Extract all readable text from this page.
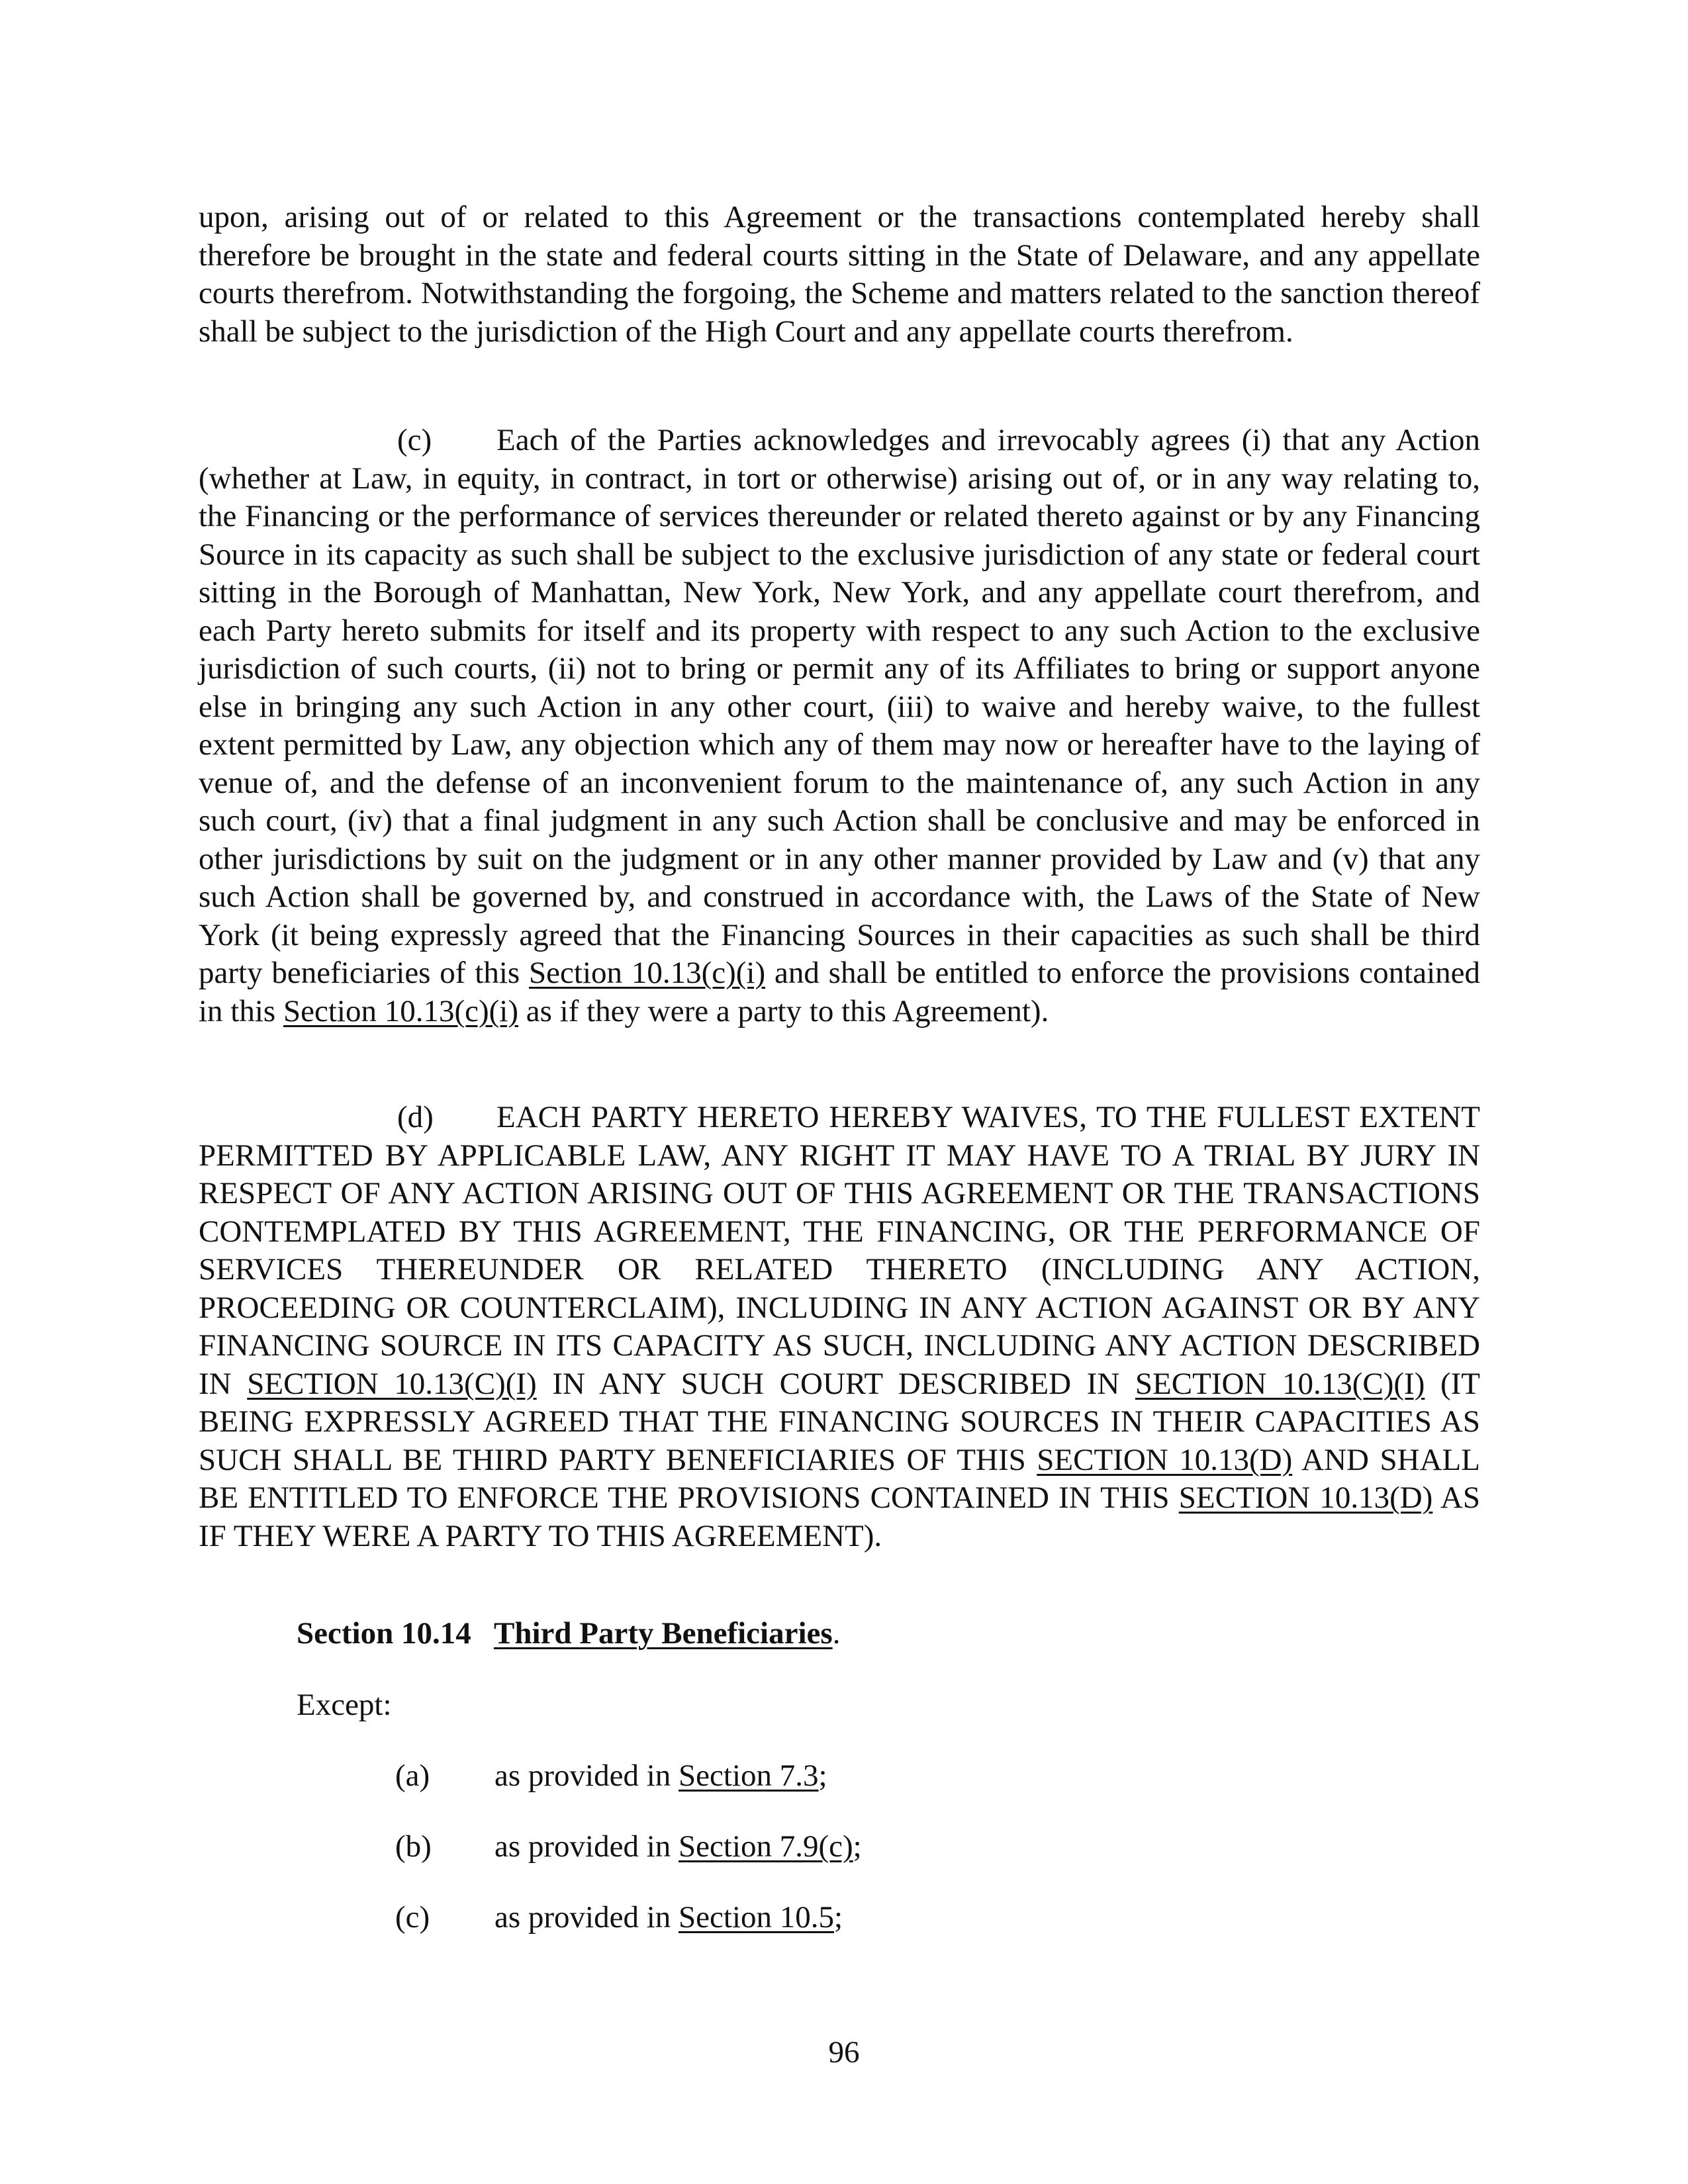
upon, arising out of or related to this Agreement or the transactions contemplated hereby shall therefore be brought in the state and federal courts sitting in the State of Delaware, and any appellate courts therefrom. Notwithstanding the forgoing, the Scheme and matters related to the sanction thereof shall be subject to the jurisdiction of the High Court and any appellate courts therefrom.

(c) Each of the Parties acknowledges and irrevocably agrees (i) that any Action (whether at Law, in equity, in contract, in tort or otherwise) arising out of, or in any way relating to, the Financing or the performance of services thereunder or related thereto against or by any Financing Source in its capacity as such shall be subject to the exclusive jurisdiction of any state or federal court sitting in the Borough of Manhattan, New York, New York, and any appellate court therefrom, and each Party hereto submits for itself and its property with respect to any such Action to the exclusive jurisdiction of such courts, (ii) not to bring or permit any of its Affiliates to bring or support anyone else in bringing any such Action in any other court, (iii) to waive and hereby waive, to the fullest extent permitted by Law, any objection which any of them may now or hereafter have to the laying of venue of, and the defense of an inconvenient forum to the maintenance of, any such Action in any such court, (iv) that a final judgment in any such Action shall be conclusive and may be enforced in other jurisdictions by suit on the judgment or in any other manner provided by Law and (v) that any such Action shall be governed by, and construed in accordance with, the Laws of the State of New York (it being expressly agreed that the Financing Sources in their capacities as such shall be third party beneficiaries of this Section 10.13(c)(i) and shall be entitled to enforce the provisions contained in this Section 10.13(c)(i) as if they were a party to this Agreement).

(d) EACH PARTY HERETO HEREBY WAIVES, TO THE FULLEST EXTENT PERMITTED BY APPLICABLE LAW, ANY RIGHT IT MAY HAVE TO A TRIAL BY JURY IN RESPECT OF ANY ACTION ARISING OUT OF THIS AGREEMENT OR THE TRANSACTIONS CONTEMPLATED BY THIS AGREEMENT, THE FINANCING, OR THE PERFORMANCE OF SERVICES THEREUNDER OR RELATED THERETO (INCLUDING ANY ACTION, PROCEEDING OR COUNTERCLAIM), INCLUDING IN ANY ACTION AGAINST OR BY ANY FINANCING SOURCE IN ITS CAPACITY AS SUCH, INCLUDING ANY ACTION DESCRIBED IN SECTION 10.13(C)(I) IN ANY SUCH COURT DESCRIBED IN SECTION 10.13(C)(I) (IT BEING EXPRESSLY AGREED THAT THE FINANCING SOURCES IN THEIR CAPACITIES AS SUCH SHALL BE THIRD PARTY BENEFICIARIES OF THIS SECTION 10.13(D) AND SHALL BE ENTITLED TO ENFORCE THE PROVISIONS CONTAINED IN THIS SECTION 10.13(D) AS IF THEY WERE A PARTY TO THIS AGREEMENT).

Section 10.14 Third Party Beneficiaries.

Except:

(a) as provided in Section 7.3;

(b) as provided in Section 7.9(c);

(c) as provided in Section 10.5;

96
